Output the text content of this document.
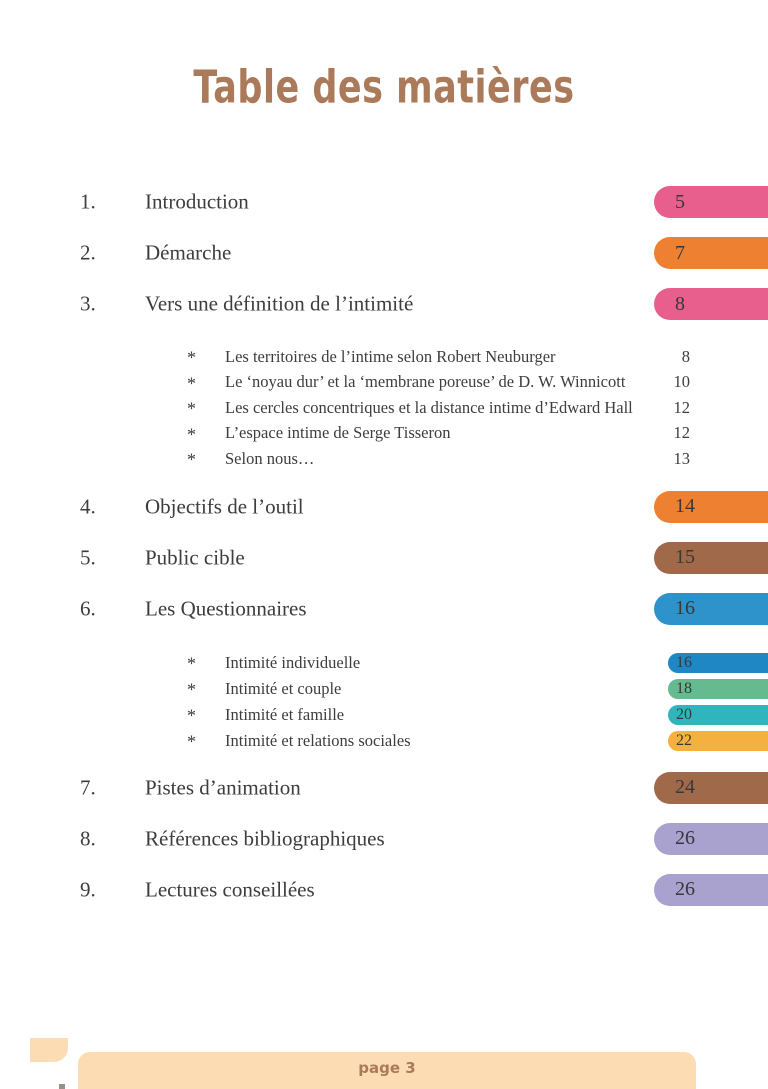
Table des matières
1. Introduction	5
2. Démarche	7
3. Vers une définition de l’intimité	8
* Les territoires de l’intime selon Robert Neuburger	8
* Le ‘noyau dur’ et la ‘membrane poreuse’ de D. W. Winnicott	10
* Les cercles concentriques et la distance intime d’Edward Hall	12
* L’espace intime de Serge Tisseron	12
* Selon nous…	13
4. Objectifs de l’outil	14
5. Public cible	15
6. Les Questionnaires	16
* Intimité individuelle	16
* Intimité et couple	18
* Intimité et famille	20
* Intimité et relations sociales	22
7. Pistes d’animation	24
8. Références bibliographiques	26
9. Lectures conseillées	26
page 3
